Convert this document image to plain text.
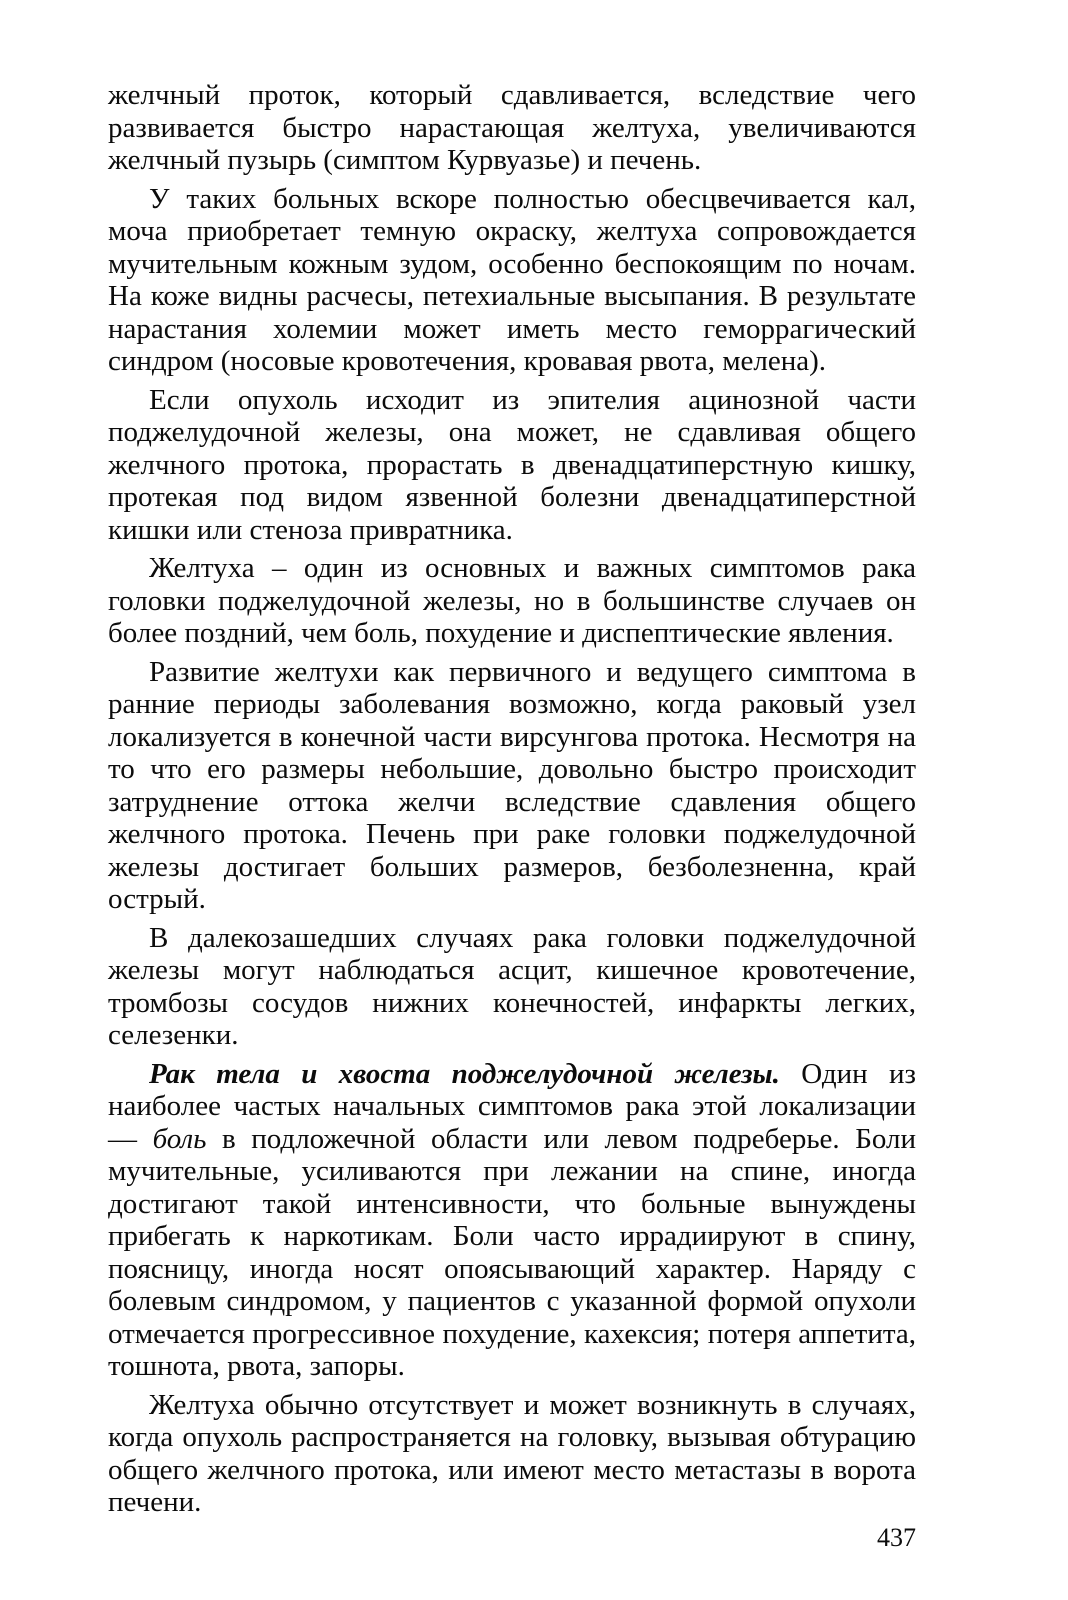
желчный проток, который сдавливается, вследствие чего развивается быстро нарастающая желтуха, увеличиваются желчный пузырь (симптом Курвуазье) и печень.

У таких больных вскоре полностью обесцвечивается кал, моча приобретает темную окраску, желтуха сопровождается мучительным кожным зудом, особенно беспокоящим по ночам. На коже видны расчесы, петехиальные высыпания. В результате нарастания холемии может иметь место геморрагический синдром (носовые кровотечения, кровавая рвота, мелена).

Если опухоль исходит из эпителия ацинозной части поджелудочной железы, она может, не сдавливая общего желчного протока, прорастать в двенадцатиперстную кишку, протекая под видом язвенной болезни двенадцатиперстной кишки или стеноза привратника.

Желтуха – один из основных и важных симптомов рака головки поджелудочной железы, но в большинстве случаев он более поздний, чем боль, похудение и диспептические явления.

Развитие желтухи как первичного и ведущего симптома в ранние периоды заболевания возможно, когда раковый узел локализуется в конечной части вирсунгова протока. Несмотря на то что его размеры небольшие, довольно быстро происходит затруднение оттока желчи вследствие сдавления общего желчного протока. Печень при раке головки поджелудочной железы достигает больших размеров, безболезненна, край острый.

В далекозашедших случаях рака головки поджелудочной железы могут наблюдаться асцит, кишечное кровотечение, тромбозы сосудов нижних конечностей, инфаркты легких, селезенки.

Рак тела и хвоста поджелудочной железы. Один из наиболее частых начальных симптомов рака этой локализации — боль в подложечной области или левом подреберье. Боли мучительные, усиливаются при лежании на спине, иногда достигают такой интенсивности, что больные вынуждены прибегать к наркотикам. Боли часто иррадиируют в спину, поясницу, иногда носят опоясывающий характер. Наряду с болевым синдромом, у пациентов с указанной формой опухоли отмечается прогрессивное похудение, кахексия; потеря аппетита, тошнота, рвота, запоры.

Желтуха обычно отсутствует и может возникнуть в случаях, когда опухоль распространяется на головку, вызывая обтурацию общего желчного протока, или имеют место метастазы в ворота печени.

437
